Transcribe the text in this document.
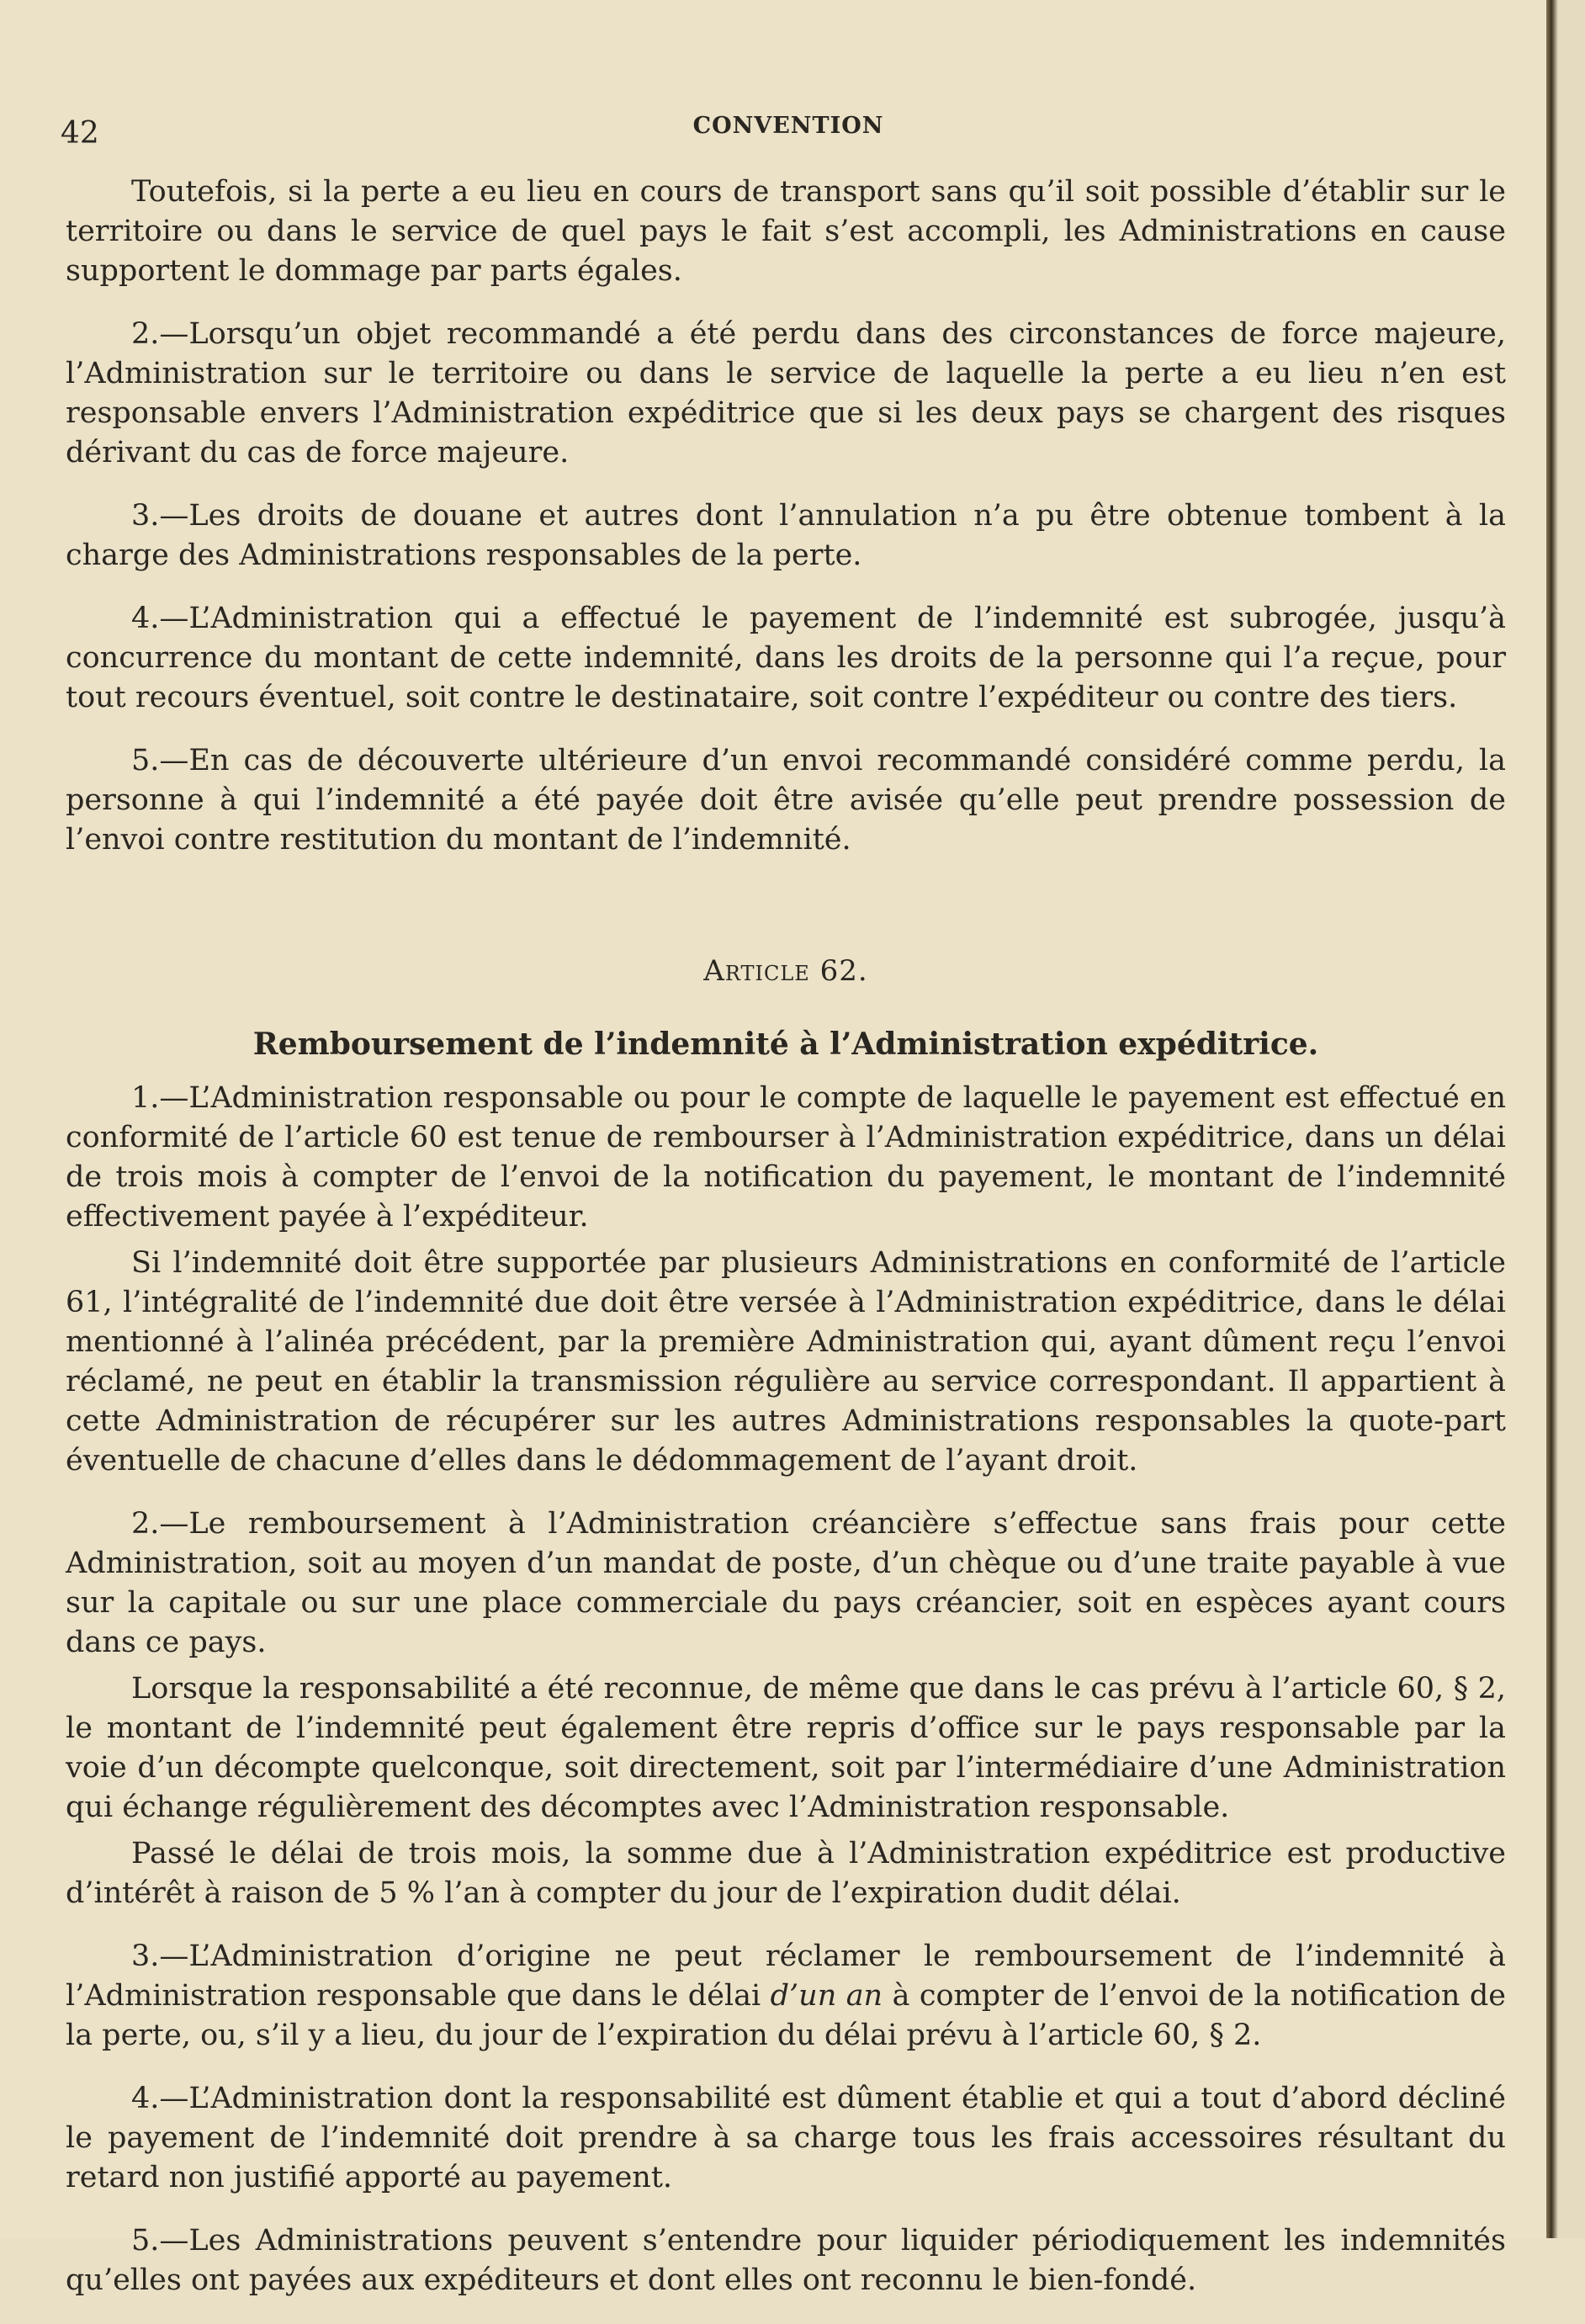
42	CONVENTION

Toutefois, si la perte a eu lieu en cours de transport sans qu’il soit possible d’établir sur le territoire ou dans le service de quel pays le fait s’est accompli, les Administrations en cause supportent le dommage par parts égales.

2.—Lorsqu’un objet recommandé a été perdu dans des circonstances de force majeure, l’Administration sur le territoire ou dans le service de laquelle la perte a eu lieu n’en est responsable envers l’Administration expéditrice que si les deux pays se chargent des risques dérivant du cas de force majeure.

3.—Les droits de douane et autres dont l’annulation n’a pu être obtenue tombent à la charge des Administrations responsables de la perte.

4.—L’Administration qui a effectué le payement de l’indemnité est subrogée, jusqu’à concurrence du montant de cette indemnité, dans les droits de la personne qui l’a reçue, pour tout recours éventuel, soit contre le destinataire, soit contre l’expéditeur ou contre des tiers.

5.—En cas de découverte ultérieure d’un envoi recommandé considéré comme perdu, la personne à qui l’indemnité a été payée doit être avisée qu’elle peut prendre possession de l’envoi contre restitution du montant de l’indemnité.

Article 62.
Remboursement de l’indemnité à l’Administration expéditrice.

1.—L’Administration responsable ou pour le compte de laquelle le payement est effectué en conformité de l’article 60 est tenue de rembourser à l’Administration expéditrice, dans un délai de trois mois à compter de l’envoi de la notification du payement, le montant de l’indemnité effectivement payée à l’expéditeur.

Si l’indemnité doit être supportée par plusieurs Administrations en conformité de l’article 61, l’intégralité de l’indemnité due doit être versée à l’Administration expéditrice, dans le délai mentionné à l’alinéa précédent, par la première Administration qui, ayant dûment reçu l’envoi réclamé, ne peut en établir la transmission régulière au service correspondant. Il appartient à cette Administration de récupérer sur les autres Administrations responsables la quote-part éventuelle de chacune d’elles dans le dédommagement de l’ayant droit.

2.—Le remboursement à l’Administration créancière s’effectue sans frais pour cette Administration, soit au moyen d’un mandat de poste, d’un chèque ou d’une traite payable à vue sur la capitale ou sur une place commerciale du pays créancier, soit en espèces ayant cours dans ce pays.

Lorsque la responsabilité a été reconnue, de même que dans le cas prévu à l’article 60, § 2, le montant de l’indemnité peut également être repris d’office sur le pays responsable par la voie d’un décompte quelconque, soit directement, soit par l’intermédiaire d’une Administration qui échange régulièrement des décomptes avec l’Administration responsable.

Passé le délai de trois mois, la somme due à l’Administration expéditrice est productive d’intérêt à raison de 5 % l’an à compter du jour de l’expiration dudit délai.

3.—L’Administration d’origine ne peut réclamer le remboursement de l’indemnité à l’Administration responsable que dans le délai d’un an à compter de l’envoi de la notification de la perte, ou, s’il y a lieu, du jour de l’expiration du délai prévu à l’article 60, § 2.

4.—L’Administration dont la responsabilité est dûment établie et qui a tout d’abord décliné le payement de l’indemnité doit prendre à sa charge tous les frais accessoires résultant du retard non justifié apporté au payement.

5.—Les Administrations peuvent s’entendre pour liquider périodiquement les indemnités qu’elles ont payées aux expéditeurs et dont elles ont reconnu le bien-fondé.
